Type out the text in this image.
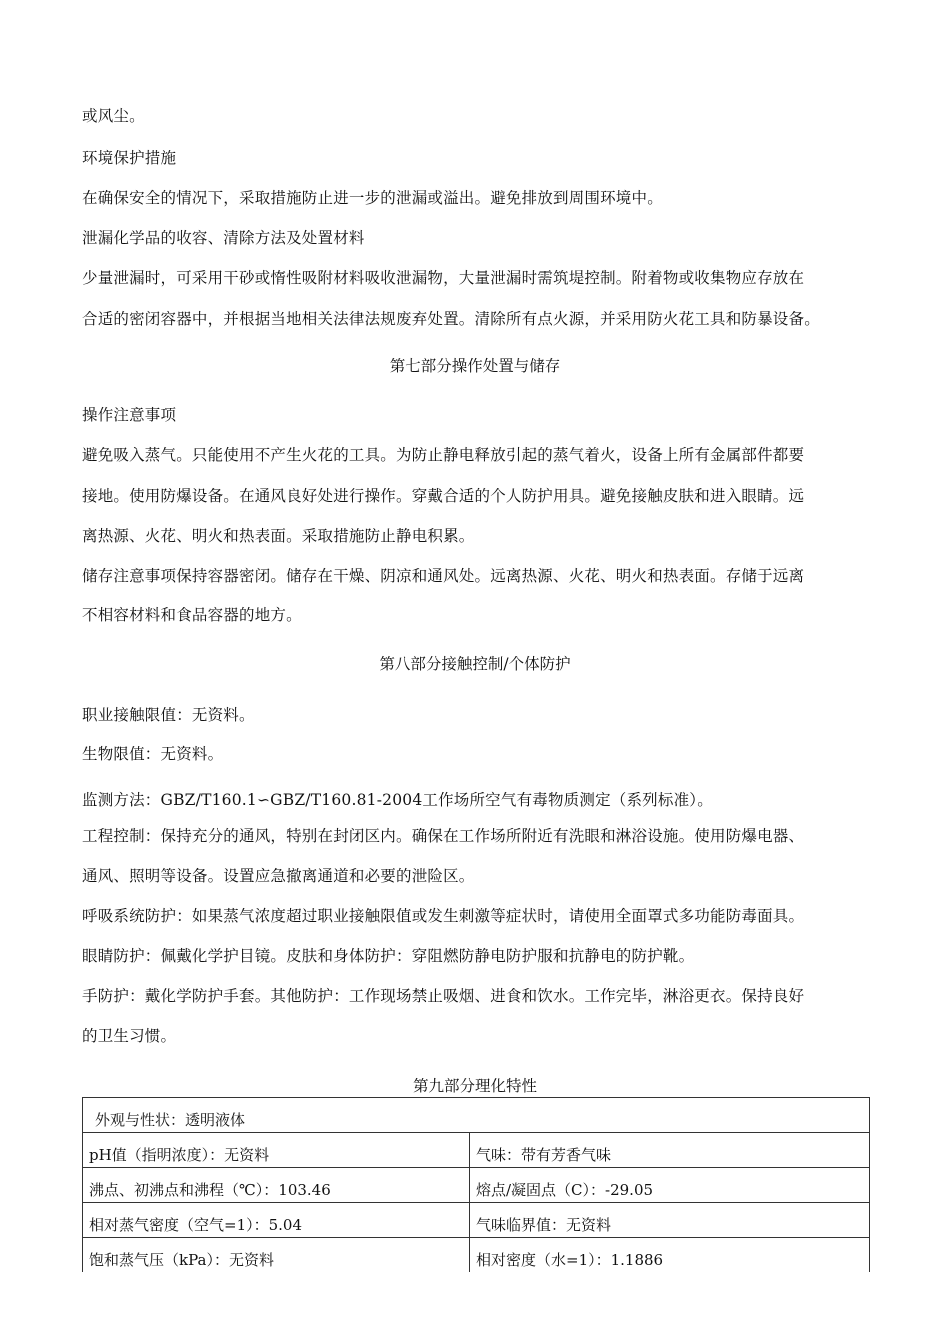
或风尘。
环境保护措施
在确保安全的情况下，采取措施防止进一步的泄漏或溢出。避免排放到周围环境中。
泄漏化学品的收容、清除方法及处置材料
少量泄漏时，可采用干砂或惰性吸附材料吸收泄漏物，大量泄漏时需筑堤控制。附着物或收集物应存放在
合适的密闭容器中，并根据当地相关法律法规废弃处置。清除所有点火源，并采用防火花工具和防暴设备。
第七部分操作处置与储存
操作注意事项
避免吸入蒸气。只能使用不产生火花的工具。为防止静电释放引起的蒸气着火，设备上所有金属部件都要
接地。使用防爆设备。在通风良好处进行操作。穿戴合适的个人防护用具。避免接触皮肤和进入眼睛。远
离热源、火花、明火和热表面。采取措施防止静电积累。
储存注意事项保持容器密闭。储存在干燥、阴凉和通风处。远离热源、火花、明火和热表面。存储于远离
不相容材料和食品容器的地方。
第八部分接触控制/个体防护
职业接触限值：无资料。
生物限值：无资料。
监测方法：GBZ/T160.1∽GBZ/T160.81-2004工作场所空气有毒物质测定（系列标准）。
工程控制：保持充分的通风，特别在封闭区内。确保在工作场所附近有洗眼和淋浴设施。使用防爆电器、
通风、照明等设备。设置应急撤离通道和必要的泄险区。
呼吸系统防护：如果蒸气浓度超过职业接触限值或发生刺激等症状时，请使用全面罩式多功能防毒面具。
眼睛防护：佩戴化学护目镜。皮肤和身体防护：穿阻燃防静电防护服和抗静电的防护靴。
手防护：戴化学防护手套。其他防护：工作现场禁止吸烟、进食和饮水。工作完毕，淋浴更衣。保持良好
的卫生习惯。
第九部分理化特性
外观与性状：透明液体	
pH值（指明浓度）：无资料	气味：带有芳香气味
沸点、初沸点和沸程（℃）：103.46	熔点/凝固点（C）：-29.05
相对蒸气密度（空气=1）：5.04	气味临界值：无资料
饱和蒸气压（kPa）：无资料	相对密度（水=1）：1.1886
